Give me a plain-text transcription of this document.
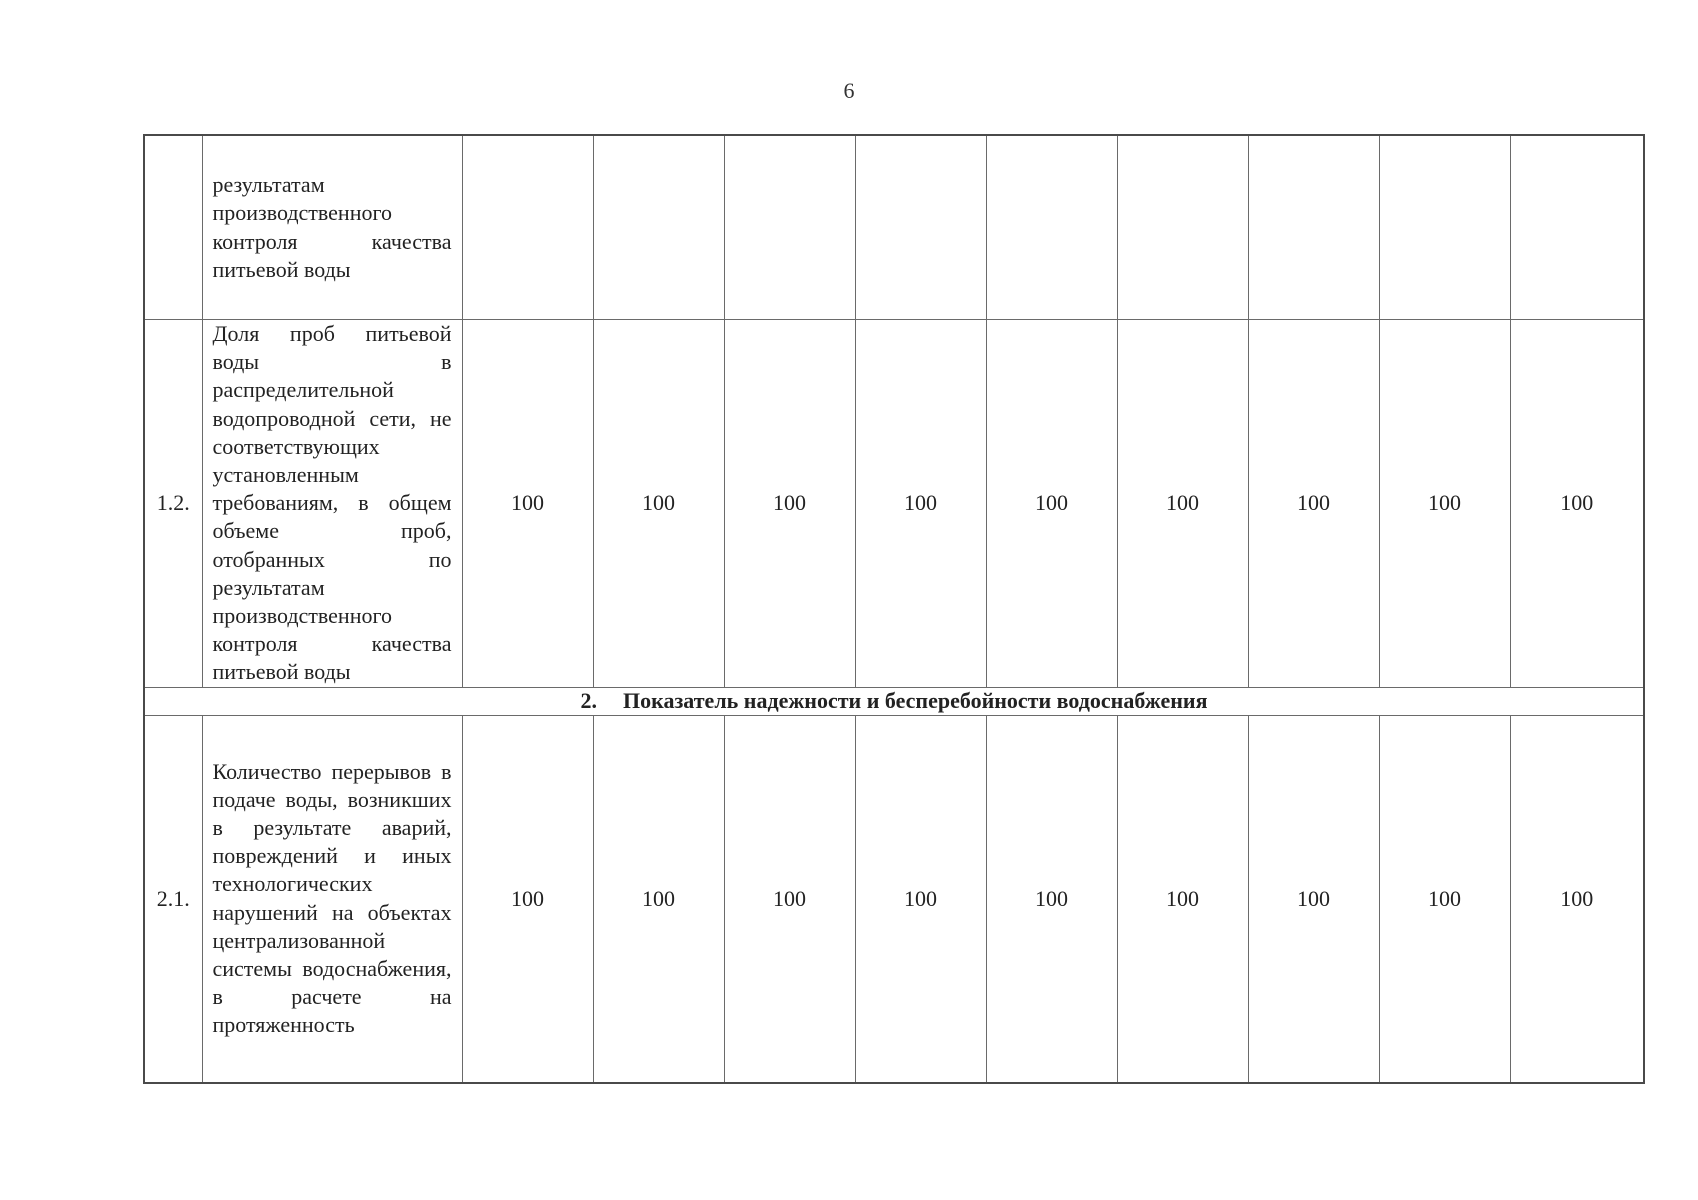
6
	результатам производственного контроля качества питьевой воды									
1.2.	Доля проб питьевой воды в распределительной водопроводной сети, не соответствующих установленным требованиям, в общем объеме проб, отобранных по результатам производственного контроля качества питьевой воды	100	100	100	100	100	100	100	100	100
2. Показатель надежности и бесперебойности водоснабжения										
2.1.	Количество перерывов в подаче воды, возникших в результате аварий, повреждений и иных технологических нарушений на объектах централизованной системы водоснабжения, в расчете на протяженность	100	100	100	100	100	100	100	100	100
